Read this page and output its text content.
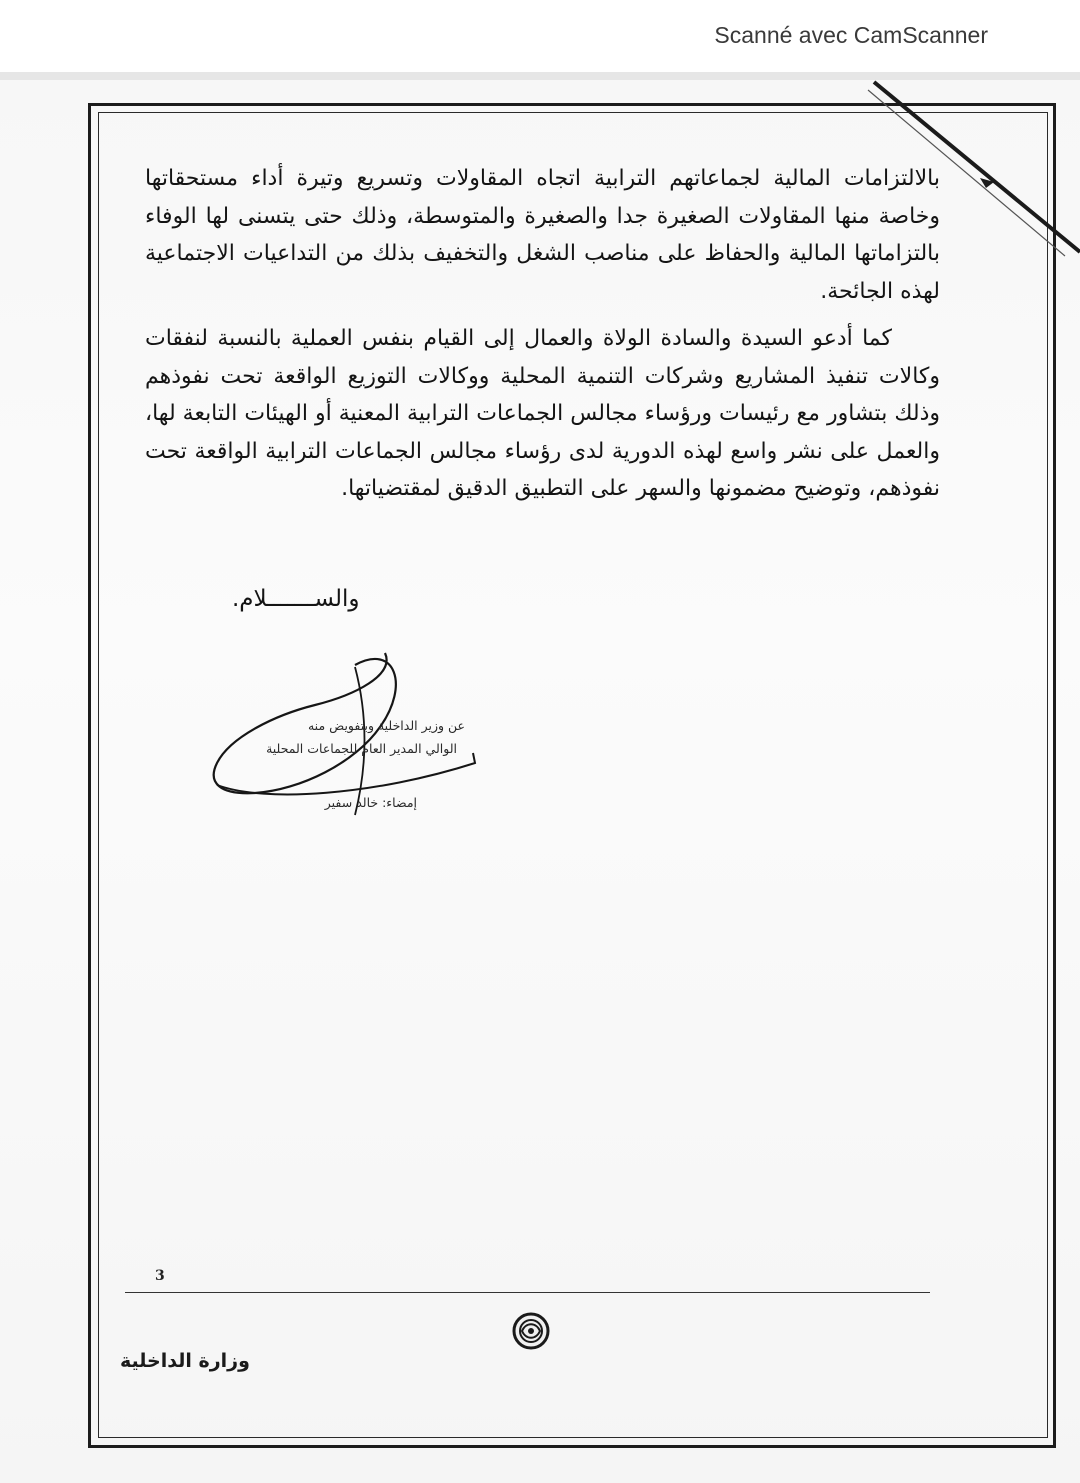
Scanné avec CamScanner

بالالتزامات المالية لجماعاتهم الترابية اتجاه المقاولات وتسريع وتيرة أداء مستحقاتها وخاصة منها المقاولات الصغيرة جدا والصغيرة والمتوسطة، وذلك حتى يتسنى لها الوفاء بالتزاماتها المالية والحفاظ على مناصب الشغل والتخفيف بذلك من التداعيات الاجتماعية لهذه الجائحة.

كما أدعو السيدة والسادة الولاة والعمال إلى القيام بنفس العملية بالنسبة لنفقات وكالات تنفيذ المشاريع وشركات التنمية المحلية ووكالات التوزيع الواقعة تحت نفوذهم وذلك بتشاور مع رئيسات ورؤساء مجالس الجماعات الترابية المعنية أو الهيئات التابعة لها، والعمل على نشر واسع لهذه الدورية لدى رؤساء مجالس الجماعات الترابية الواقعة تحت نفوذهم، وتوضيح مضمونها والسهر على التطبيق الدقيق لمقتضياتها.

والســـــــلام.
عن وزير الداخلية وبتفويض منه
الوالي المدير العام للجماعات المحلية
إمضاء: خالد سفير
3
وزارة الداخلية
